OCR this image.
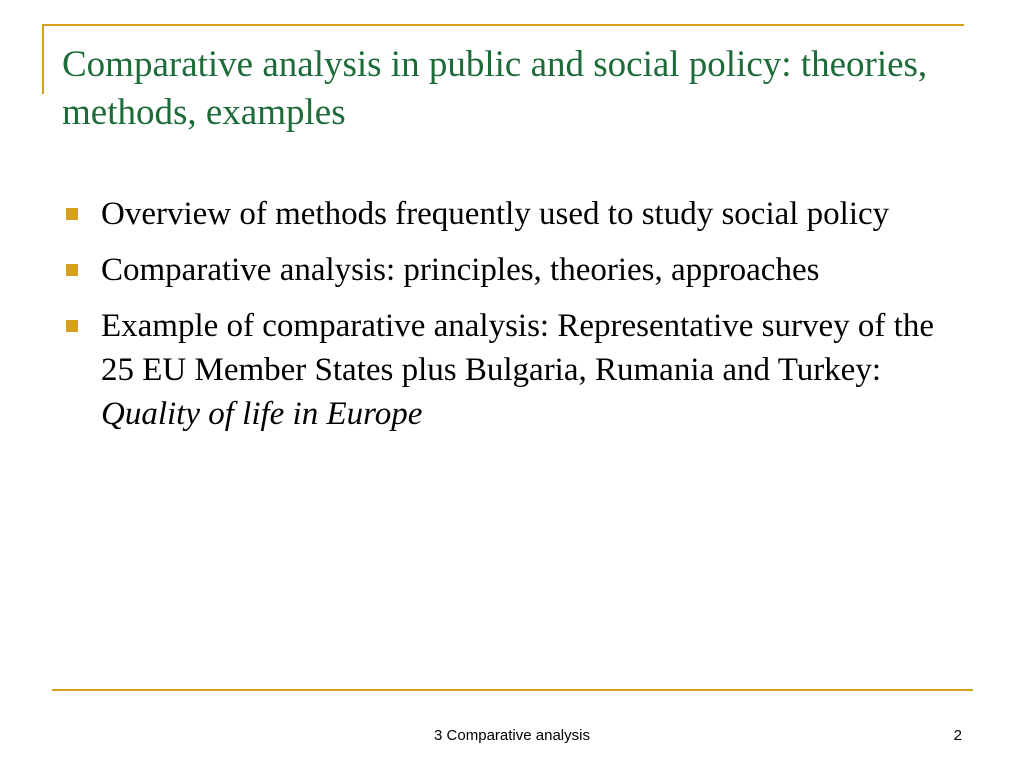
Comparative analysis in public and social policy: theories, methods, examples
Overview of methods frequently used to study social policy
Comparative analysis: principles, theories, approaches
Example of comparative analysis: Representative survey of the 25 EU Member States plus Bulgaria, Rumania and Turkey: Quality of life in Europe
3 Comparative analysis	2
